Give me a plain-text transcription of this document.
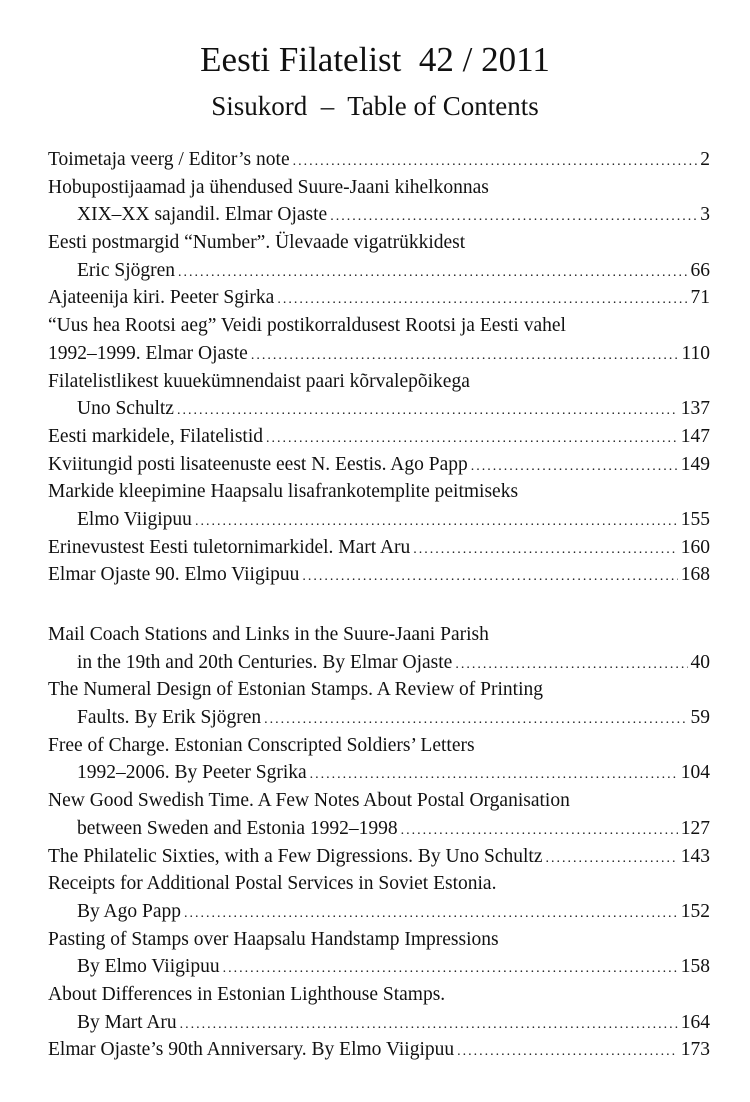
Eesti Filatelist  42 / 2011
Sisukord  –  Table of Contents
Toimetaja veerg / Editor’s note .....	2
Hobupostijaamad ja ühendused Suure-Jaani kihelkonnas
XIX–XX sajandil. Elmar Ojaste .....	3
Eesti postmargid “Number”. Ülevaade vigatrükkidest
Eric Sjögren .....	66
Ajateenija kiri. Peeter Sgirka .....	71
“Uus hea Rootsi aeg” Veidi postikorraldusest Rootsi ja Eesti vahel
1992–1999. Elmar Ojaste .....	110
Filatelistlikest kuuekümnendaist paari kõrvalepõikega
Uno Schultz .....	137
Eesti markidele, Filatelistid .....	147
Kviitungid posti lisateenuste eest N. Eestis. Ago Papp .....	149
Markide kleepimine Haapsalu lisafrankotemplite peitmiseks
Elmo Viigipuu .....	155
Erinevustest Eesti tuletornimarkidel. Mart Aru .....	160
Elmar Ojaste 90. Elmo Viigipuu .....	168
Mail Coach Stations and Links in the Suure-Jaani Parish
in the 19th and 20th Centuries. By Elmar Ojaste .....	40
The Numeral Design of Estonian Stamps. A Review of Printing
Faults. By Erik Sjögren .....	59
Free of Charge. Estonian Conscripted Soldiers’ Letters
1992–2006. By Peeter Sgrika .....	104
New Good Swedish Time. A Few Notes About Postal Organisation
between Sweden and Estonia 1992–1998 .....	127
The Philatelic Sixties, with a Few Digressions. By Uno Schultz .....	143
Receipts for Additional Postal Services in Soviet Estonia.
By Ago Papp .....	152
Pasting of Stamps over Haapsalu Handstamp Impressions
By Elmo Viigipuu .....	158
About Differences in Estonian Lighthouse Stamps.
By Mart Aru .....	164
Elmar Ojaste’s 90th Anniversary. By Elmo Viigipuu .....	173
